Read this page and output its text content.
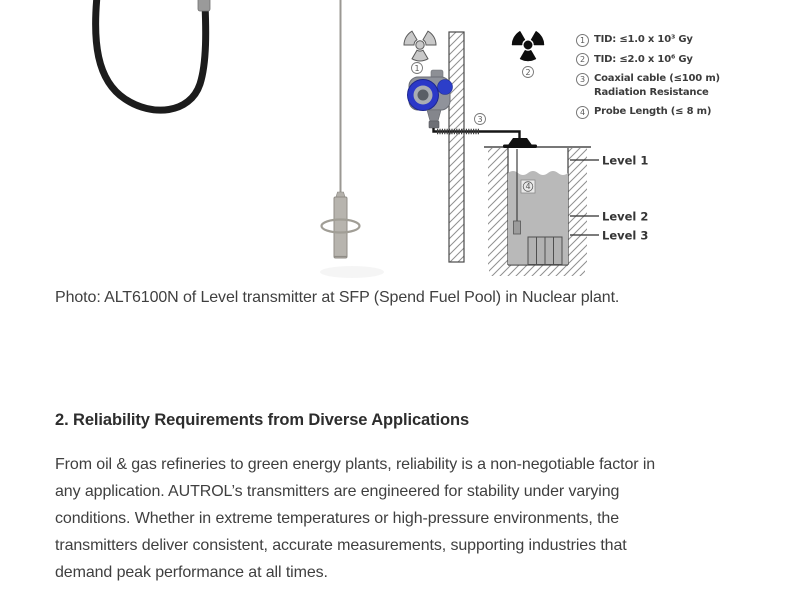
1	2
3
4
Level 1
Level 2
Level 3
1 TID: ≤1.0 x 10³ Gy
2 TID: ≤2.0 x 10⁶ Gy
3 Coaxial cable (≤100 m)
Radiation Resistance
4 Probe Length (≤ 8 m)
Photo: ALT6100N of Level transmitter at SFP (Spend Fuel Pool) in Nuclear plant.
2. Reliability Requirements from Diverse Applications
From oil & gas refineries to green energy plants, reliability is a non-negotiable factor in
any application. AUTROL’s transmitters are engineered for stability under varying
conditions. Whether in extreme temperatures or high-pressure environments, the
transmitters deliver consistent, accurate measurements, supporting industries that
demand peak performance at all times.
